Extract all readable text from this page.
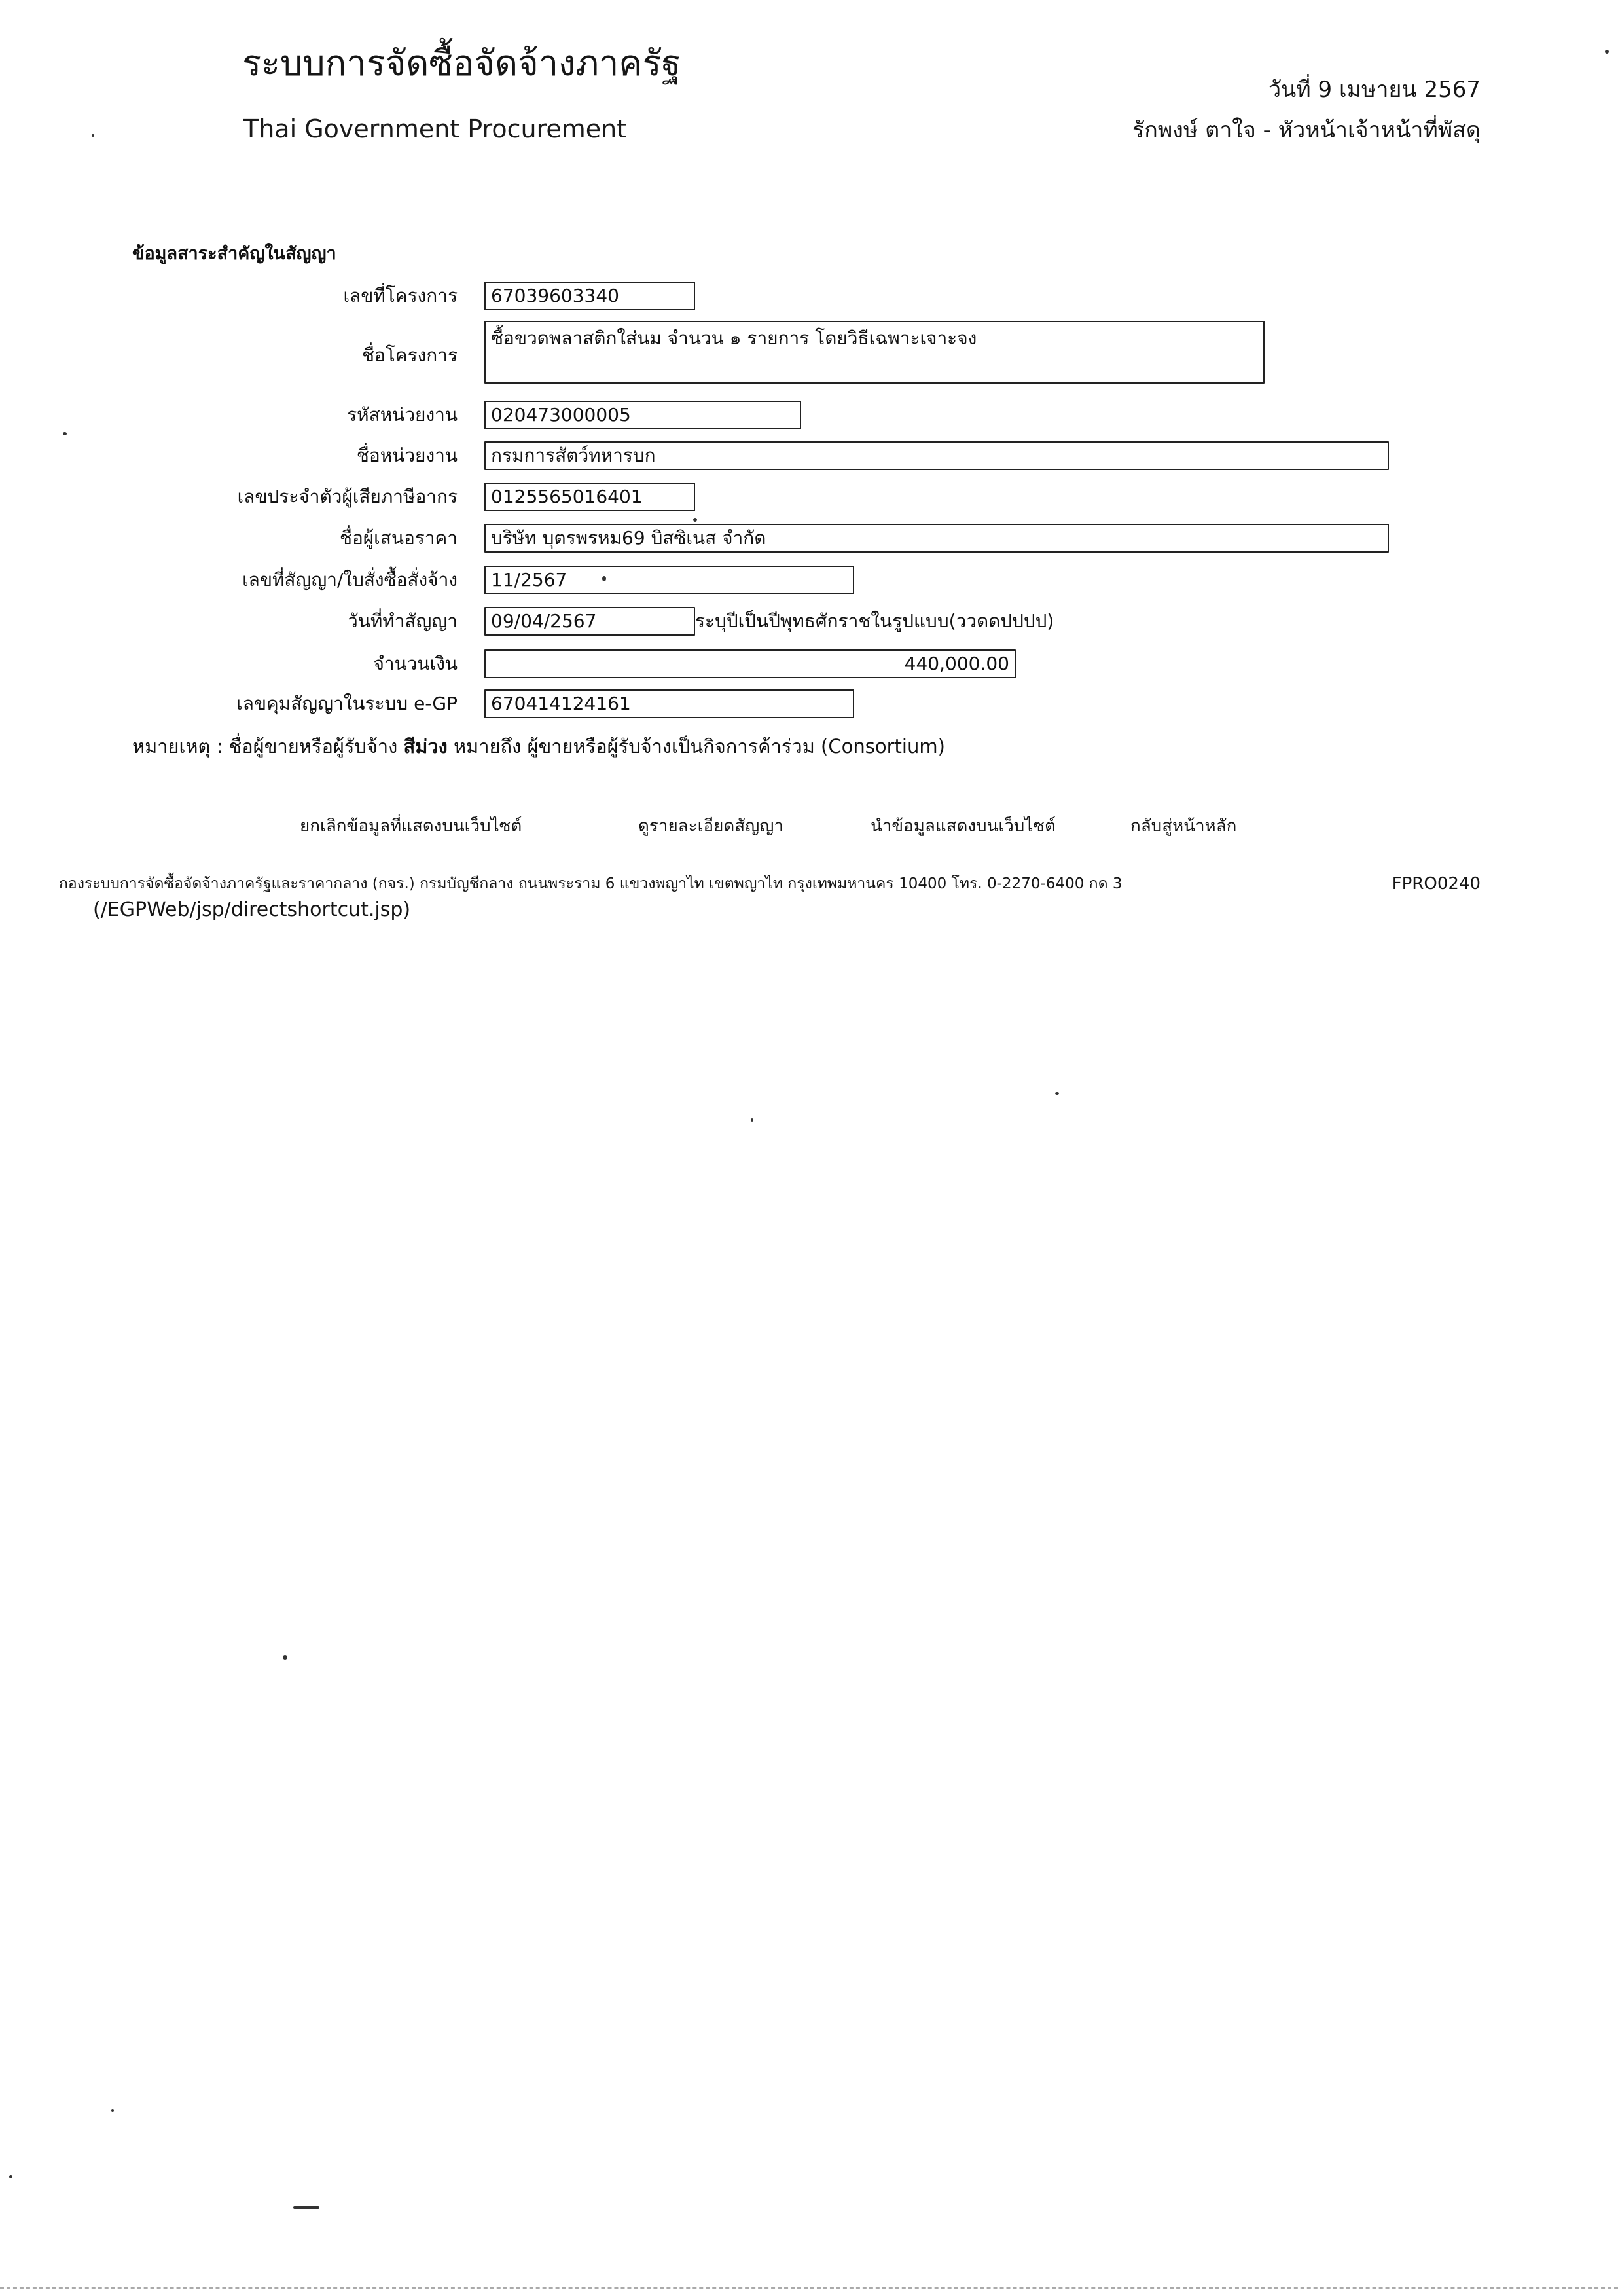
ระบบการจัดซื้อจัดจ้างภาครัฐ
Thai Government Procurement
วันที่ 9 เมษายน 2567
รักพงษ์ ตาใจ - หัวหน้าเจ้าหน้าที่พัสดุ
ข้อมูลสาระสำคัญในสัญญา
เลขที่โครงการ	67039603340
ชื่อโครงการ
ซื้อขวดพลาสติกใส่นม จำนวน ๑ รายการ โดยวิธีเฉพาะเจาะจง
รหัสหน่วยงาน	020473000005
ชื่อหน่วยงาน	กรมการสัตว์ทหารบก
เลขประจำตัวผู้เสียภาษีอากร	0125565016401
ชื่อผู้เสนอราคา	บริษัท บุตรพรหม69 บิสซิเนส จำกัด
เลขที่สัญญา/ใบสั่งซื้อสั่งจ้าง	11/2567
วันที่ทำสัญญา	09/04/2567	ระบุปีเป็นปีพุทธศักราชในรูปแบบ(ววดดปปปป)
จำนวนเงิน	440,000.00
เลขคุมสัญญาในระบบ e-GP	670414124161
หมายเหตุ : ชื่อผู้ขายหรือผู้รับจ้าง สีม่วง หมายถึง ผู้ขายหรือผู้รับจ้างเป็นกิจการค้าร่วม (Consortium)
ยกเลิกข้อมูลที่แสดงบนเว็บไซต์	ดูรายละเอียดสัญญา	นำข้อมูลแสดงบนเว็บไซต์	กลับสู่หน้าหลัก
กองระบบการจัดซื้อจัดจ้างภาครัฐและราคากลาง (กจร.) กรมบัญชีกลาง ถนนพระราม 6 แขวงพญาไท เขตพญาไท กรุงเทพมหานคร 10400 โทร. 0-2270-6400 กด 3	FPRO0240
(/EGPWeb/jsp/directshortcut.jsp)
